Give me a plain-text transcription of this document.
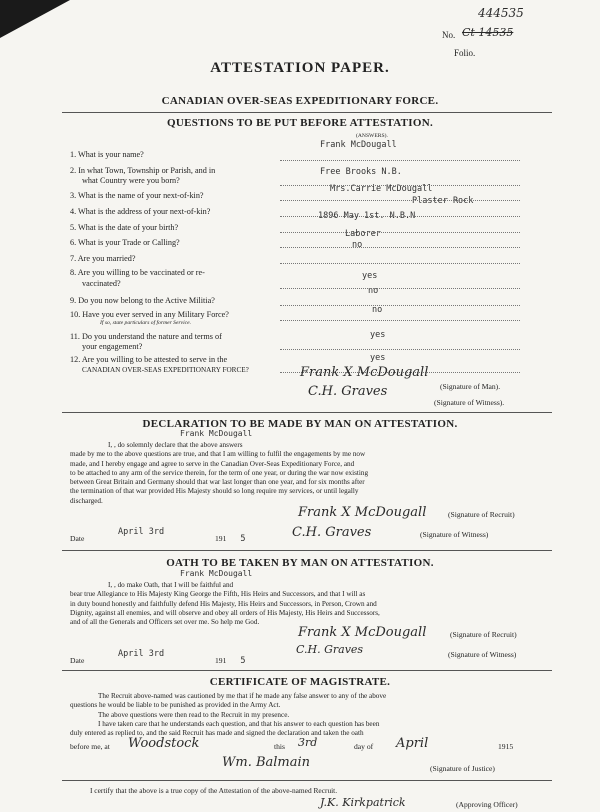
444535
No. Ct 14535
Folio.
ATTESTATION PAPER.
CANADIAN OVER-SEAS EXPEDITIONARY FORCE.
QUESTIONS TO BE PUT BEFORE ATTESTATION.
(ANSWERS).
1. What is your name?
Frank McDougall
2. In what Town, Township or Parish, and in
what Country were you born?
Free Brooks N.B.
3. What is the name of your next-of-kin?
Mrs.Carrie McDougall
4. What is the address of your next-of-kin?
Plaster Rock
5. What is the date of your birth?
1896 May 1st. N.B.N
6. What is your Trade or Calling?
Laborer
7. Are you married?
no
8. Are you willing to be vaccinated or re-
vaccinated?
yes
9. Do you now belong to the Active Militia?
no
10. Have you ever served in any Military Force?
If so, state particulars of former Service.
no
11. Do you understand the nature and terms of
your engagement?
yes
12. Are you willing to be attested to serve in the
CANADIAN OVER-SEAS EXPEDITIONARY FORCE?
yes
Frank X McDougall
(Signature of Man).
C.H. Graves
(Signature of Witness).
DECLARATION TO BE MADE BY MAN ON ATTESTATION.
Frank McDougall
I, , do solemnly declare that the above answers
made by me to the above questions are true, and that I am willing to fulfil the engagements by me now
made, and I hereby engage and agree to serve in the Canadian Over-Seas Expeditionary Force, and
to be attached to any arm of the service therein, for the term of one year, or during the war now existing
between Great Britain and Germany should that war last longer than one year, and for six months after
the termination of that war provided His Majesty should so long require my services, or until legally
discharged.
Date
April 3rd
191 5
Frank X McDougall	(Signature of Recruit)
C.H. Graves	(Signature of Witness)
OATH TO BE TAKEN BY MAN ON ATTESTATION.
Frank McDougall
I, , do make Oath, that I will be faithful and
bear true Allegiance to His Majesty King George the Fifth, His Heirs and Successors, and that I will as
in duty bound honestly and faithfully defend His Majesty, His Heirs and Successors, in Person, Crown and
Dignity, against all enemies, and will observe and obey all orders of His Majesty, His Heirs and Successors,
and of all the Generals and Officers set over me. So help me God.
Date
April 3rd
191 5
Frank X McDougall	(Signature of Recruit)
C.H. Graves	(Signature of Witness)
CERTIFICATE OF MAGISTRATE.
The Recruit above-named was cautioned by me that if he made any false answer to any of the above
questions he would be liable to be punished as provided in the Army Act.
The above questions were then read to the Recruit in my presence.
I have taken care that he understands each question, and that his answer to each question has been
duly entered as replied to, and the said Recruit has made and signed the declaration and taken the oath
before me, at Woodstock	this 3rd	day of April	1915
Wm. Balmain	(Signature of Justice)
I certify that the above is a true copy of the Attestation of the above-named Recruit.
J.K. Kirkpatrick	(Approving Officer)
